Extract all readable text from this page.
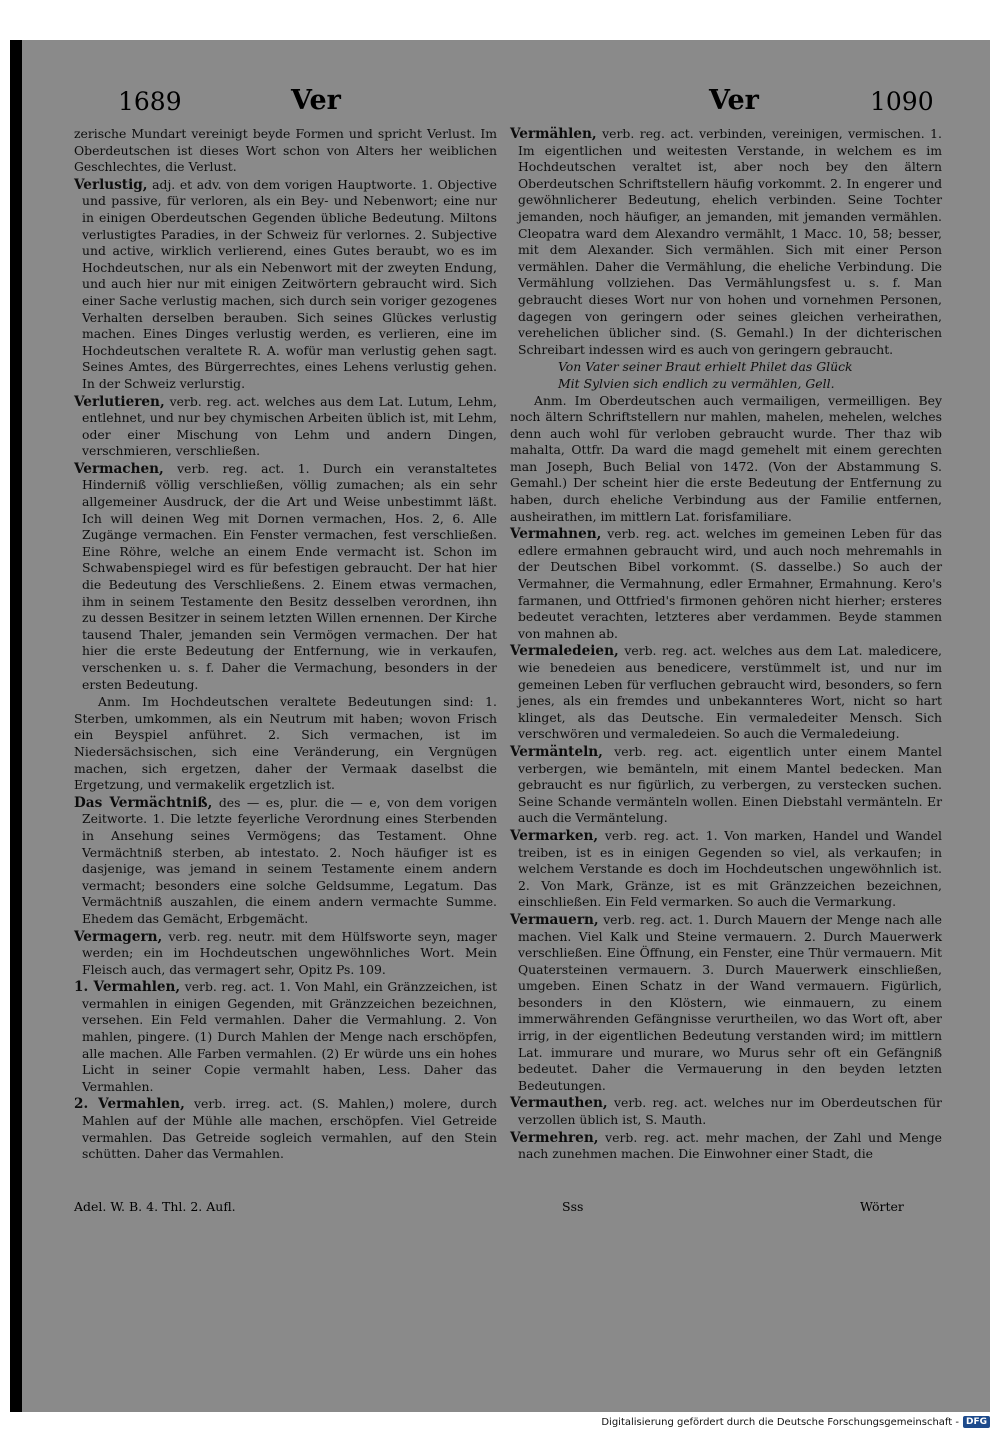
1689	Ver	Ver	1090

zerische Mundart vereinigt beyde Formen und spricht Verlust. Im Oberdeutschen ist dieses Wort schon von Alters her weiblichen Geschlechtes, die Verlust.

Verlustig, adj. et adv. von dem vorigen Hauptworte. 1. Objective und passive, für verloren, als ein Bey- und Nebenwort; eine nur in einigen Oberdeutschen Gegenden übliche Bedeutung. Miltons verlustigtes Paradies, in der Schweiz für verlornes. 2. Subjective und active, wirklich verlierend, eines Gutes beraubt, wo es im Hochdeutschen, nur als ein Nebenwort mit der zweyten Endung, und auch hier nur mit einigen Zeitwörtern gebraucht wird. Sich einer Sache verlustig machen, sich durch sein voriger gezogenes Verhalten derselben berauben. Sich seines Glückes verlustig machen. Eines Dinges verlustig werden, es verlieren, eine im Hochdeutschen veraltete R. A. wofür man verlustig gehen sagt. Seines Amtes, des Bürgerrechtes, eines Lehens verlustig gehen. In der Schweiz verlurstig.

Verlutieren, verb. reg. act. welches aus dem Lat. Lutum, Lehm, entlehnet, und nur bey chymischen Arbeiten üblich ist, mit Lehm, oder einer Mischung von Lehm und andern Dingen, verschmieren, verschließen.

Vermachen, verb. reg. act. 1. Durch ein veranstaltetes Hinderniß völlig verschließen, völlig zumachen; als ein sehr allgemeiner Ausdruck, der die Art und Weise unbestimmt läßt. Ich will deinen Weg mit Dornen vermachen, Hos. 2, 6. Alle Zugänge vermachen. Ein Fenster vermachen, fest verschließen. Eine Röhre, welche an einem Ende vermacht ist. Schon im Schwabenspiegel wird es für befestigen gebraucht. Der hat hier die Bedeutung des Verschließens. 2. Einem etwas vermachen, ihm in seinem Testamente den Besitz desselben verordnen, ihn zu dessen Besitzer in seinem letzten Willen ernennen. Der Kirche tausend Thaler, jemanden sein Vermögen vermachen. Der hat hier die erste Bedeutung der Entfernung, wie in verkaufen, verschenken u. s. f. Daher die Vermachung, besonders in der ersten Bedeutung.

Anm. Im Hochdeutschen veraltete Bedeutungen sind: 1. Sterben, umkommen, als ein Neutrum mit haben; wovon Frisch ein Beyspiel anführet. 2. Sich vermachen, ist im Niedersächsischen, sich eine Veränderung, ein Vergnügen machen, sich ergetzen, daher der Vermaak daselbst die Ergetzung, und vermakelik ergetzlich ist.

Das Vermächtniß, des — es, plur. die — e, von dem vorigen Zeitworte. 1. Die letzte feyerliche Verordnung eines Sterbenden in Ansehung seines Vermögens; das Testament. Ohne Vermächtniß sterben, ab intestato. 2. Noch häufiger ist es dasjenige, was jemand in seinem Testamente einem andern vermacht; besonders eine solche Geldsumme, Legatum. Das Vermächtniß auszahlen, die einem andern vermachte Summe. Ehedem das Gemächt, Erbgemächt.

Vermagern, verb. reg. neutr. mit dem Hülfsworte seyn, mager werden; ein im Hochdeutschen ungewöhnliches Wort. Mein Fleisch auch, das vermagert sehr, Opitz Ps. 109.

1. Vermahlen, verb. reg. act. 1. Von Mahl, ein Gränzzeichen, ist vermahlen in einigen Gegenden, mit Gränzzeichen bezeichnen, versehen. Ein Feld vermahlen. Daher die Vermahlung. 2. Von mahlen, pingere. (1) Durch Mahlen der Menge nach erschöpfen, alle machen. Alle Farben vermahlen. (2) Er würde uns ein hohes Licht in seiner Copie vermahlt haben, Less. Daher das Vermahlen.

2. Vermahlen, verb. irreg. act. (S. Mahlen,) molere, durch Mahlen auf der Mühle alle machen, erschöpfen. Viel Getreide vermahlen. Das Getreide sogleich vermahlen, auf den Stein schütten. Daher das Vermahlen.

Vermählen, verb. reg. act. verbinden, vereinigen, vermischen. 1. Im eigentlichen und weitesten Verstande, in welchem es im Hochdeutschen veraltet ist, aber noch bey den ältern Oberdeutschen Schriftstellern häufig vorkommt. 2. In engerer und gewöhnlicherer Bedeutung, ehelich verbinden. Seine Tochter jemanden, noch häufiger, an jemanden, mit jemanden vermählen. Cleopatra ward dem Alexandro vermählt, 1 Macc. 10, 58; besser, mit dem Alexander. Sich vermählen. Sich mit einer Person vermählen. Daher die Vermählung, die eheliche Verbindung. Die Vermählung vollziehen. Das Vermählungsfest u. s. f. Man gebraucht dieses Wort nur von hohen und vornehmen Personen, dagegen von geringern oder seines gleichen verheirathen, verehelichen üblicher sind. (S. Gemahl.) In der dichterischen Schreibart indessen wird es auch von geringern gebraucht.

Von Vater seiner Braut erhielt Philet das Glück

Mit Sylvien sich endlich zu vermählen, Gell.

Anm. Im Oberdeutschen auch vermailigen, vermeilligen. Bey noch ältern Schriftstellern nur mahlen, mahelen, mehelen, welches denn auch wohl für verloben gebraucht wurde. Ther thaz wib mahalta, Ottfr. Da ward die magd gemehelt mit einem gerechten man Joseph, Buch Belial von 1472. (Von der Abstammung S. Gemahl.) Der scheint hier die erste Bedeutung der Entfernung zu haben, durch eheliche Verbindung aus der Familie entfernen, ausheirathen, im mittlern Lat. forisfamiliare.

Vermahnen, verb. reg. act. welches im gemeinen Leben für das edlere ermahnen gebraucht wird, und auch noch mehremahls in der Deutschen Bibel vorkommt. (S. dasselbe.) So auch der Vermahner, die Vermahnung, edler Ermahner, Ermahnung. Kero's farmanen, und Ottfried's firmonen gehören nicht hierher; ersteres bedeutet verachten, letzteres aber verdammen. Beyde stammen von mahnen ab.

Vermaledeien, verb. reg. act. welches aus dem Lat. maledicere, wie benedeien aus benedicere, verstümmelt ist, und nur im gemeinen Leben für verfluchen gebraucht wird, besonders, so fern jenes, als ein fremdes und unbekannteres Wort, nicht so hart klinget, als das Deutsche. Ein vermaledeiter Mensch. Sich verschwören und vermaledeien. So auch die Vermaledeiung.

Vermänteln, verb. reg. act. eigentlich unter einem Mantel verbergen, wie bemänteln, mit einem Mantel bedecken. Man gebraucht es nur figürlich, zu verbergen, zu verstecken suchen. Seine Schande vermänteln wollen. Einen Diebstahl vermänteln. Er auch die Vermäntelung.

Vermarken, verb. reg. act. 1. Von marken, Handel und Wandel treiben, ist es in einigen Gegenden so viel, als verkaufen; in welchem Verstande es doch im Hochdeutschen ungewöhnlich ist. 2. Von Mark, Gränze, ist es mit Gränzzeichen bezeichnen, einschließen. Ein Feld vermarken. So auch die Vermarkung.

Vermauern, verb. reg. act. 1. Durch Mauern der Menge nach alle machen. Viel Kalk und Steine vermauern. 2. Durch Mauerwerk verschließen. Eine Öffnung, ein Fenster, eine Thür vermauern. Mit Quatersteinen vermauern. 3. Durch Mauerwerk einschließen, umgeben. Einen Schatz in der Wand vermauern. Figürlich, besonders in den Klöstern, wie einmauern, zu einem immerwährenden Gefängnisse verurtheilen, wo das Wort oft, aber irrig, in der eigentlichen Bedeutung verstanden wird; im mittlern Lat. immurare und murare, wo Murus sehr oft ein Gefängniß bedeutet. Daher die Vermauerung in den beyden letzten Bedeutungen.

Vermauthen, verb. reg. act. welches nur im Oberdeutschen für verzollen üblich ist, S. Mauth.

Vermehren, verb. reg. act. mehr machen, der Zahl und Menge nach zunehmen machen. Die Einwohner einer Stadt, die

Adel. W. B. 4. Thl. 2. Aufl.	Sss	Wörter
Digitalisierung gefördert durch die Deutsche Forschungsgemeinschaft - DFG
